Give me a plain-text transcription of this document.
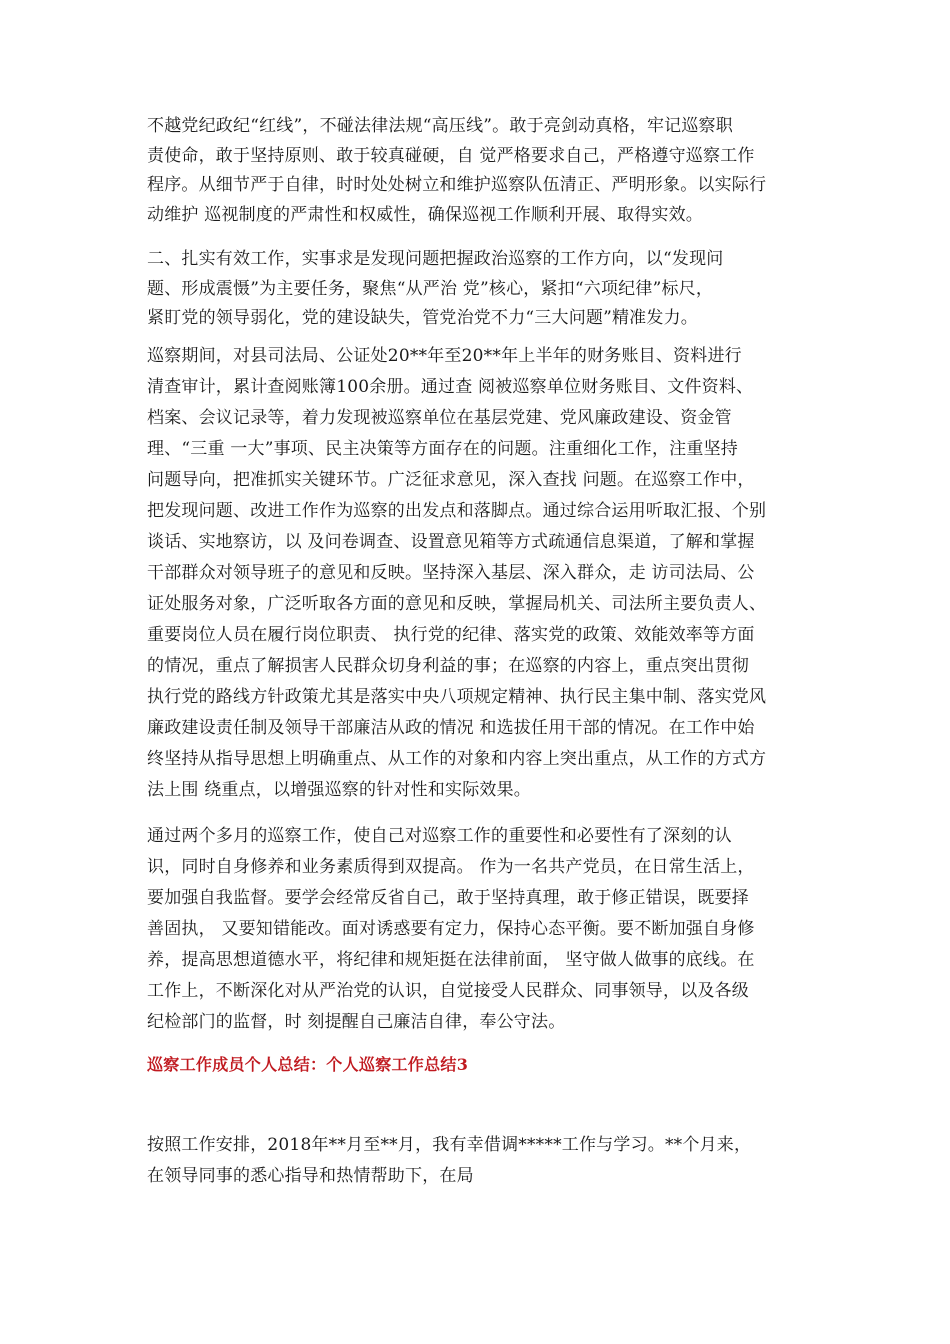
不越党纪政纪“红线”，不碰法律法规“高压线”。敢于亮剑动真格，牢记巡察职
责使命，敢于坚持原则、敢于较真碰硬，自 觉严格要求自己，严格遵守巡察工作
程序。从细节严于自律，时时处处树立和维护巡察队伍清正、严明形象。以实际行
动维护 巡视制度的严肃性和权威性，确保巡视工作顺利开展、取得实效。
二、扎实有效工作，实事求是发现问题把握政治巡察的工作方向，以“发现问
题、形成震慑”为主要任务，聚焦“从严治 党”核心，紧扣“六项纪律”标尺，
紧盯党的领导弱化，党的建设缺失，管党治党不力“三大问题”精准发力。
巡察期间，对县司法局、公证处20**年至20**年上半年的财务账目、资料进行
清查审计，累计查阅账簿100余册。通过查 阅被巡察单位财务账目、文件资料、
档案、会议记录等，着力发现被巡察单位在基层党建、党风廉政建设、资金管
理、“三重 一大”事项、民主决策等方面存在的问题。注重细化工作，注重坚持
问题导向，把准抓实关键环节。广泛征求意见，深入查找 问题。在巡察工作中，
把发现问题、改进工作作为巡察的出发点和落脚点。通过综合运用听取汇报、个别
谈话、实地察访，以 及问卷调查、设置意见箱等方式疏通信息渠道，了解和掌握
干部群众对领导班子的意见和反映。坚持深入基层、深入群众，走 访司法局、公
证处服务对象，广泛听取各方面的意见和反映，掌握局机关、司法所主要负责人、
重要岗位人员在履行岗位职责、 执行党的纪律、落实党的政策、效能效率等方面
的情况，重点了解损害人民群众切身利益的事；在巡察的内容上，重点突出贯彻
执行党的路线方针政策尤其是落实中央八项规定精神、执行民主集中制、落实党风
廉政建设责任制及领导干部廉洁从政的情况 和选拔任用干部的情况。在工作中始
终坚持从指导思想上明确重点、从工作的对象和内容上突出重点，从工作的方式方
法上围 绕重点，以增强巡察的针对性和实际效果。
通过两个多月的巡察工作，使自己对巡察工作的重要性和必要性有了深刻的认
识，同时自身修养和业务素质得到双提高。 作为一名共产党员，在日常生活上，
要加强自我监督。要学会经常反省自己，敢于坚持真理，敢于修正错误，既要择
善固执， 又要知错能改。面对诱惑要有定力，保持心态平衡。要不断加强自身修
养，提高思想道德水平，将纪律和规矩挺在法律前面， 坚守做人做事的底线。在
工作上，不断深化对从严治党的认识，自觉接受人民群众、同事领导，以及各级
纪检部门的监督，时 刻提醒自己廉洁自律，奉公守法。
巡察工作成员个人总结：个人巡察工作总结3
按照工作安排，2018年**月至**月，我有幸借调*****工作与学习。**个月来，
在领导同事的悉心指导和热情帮助下，在局
